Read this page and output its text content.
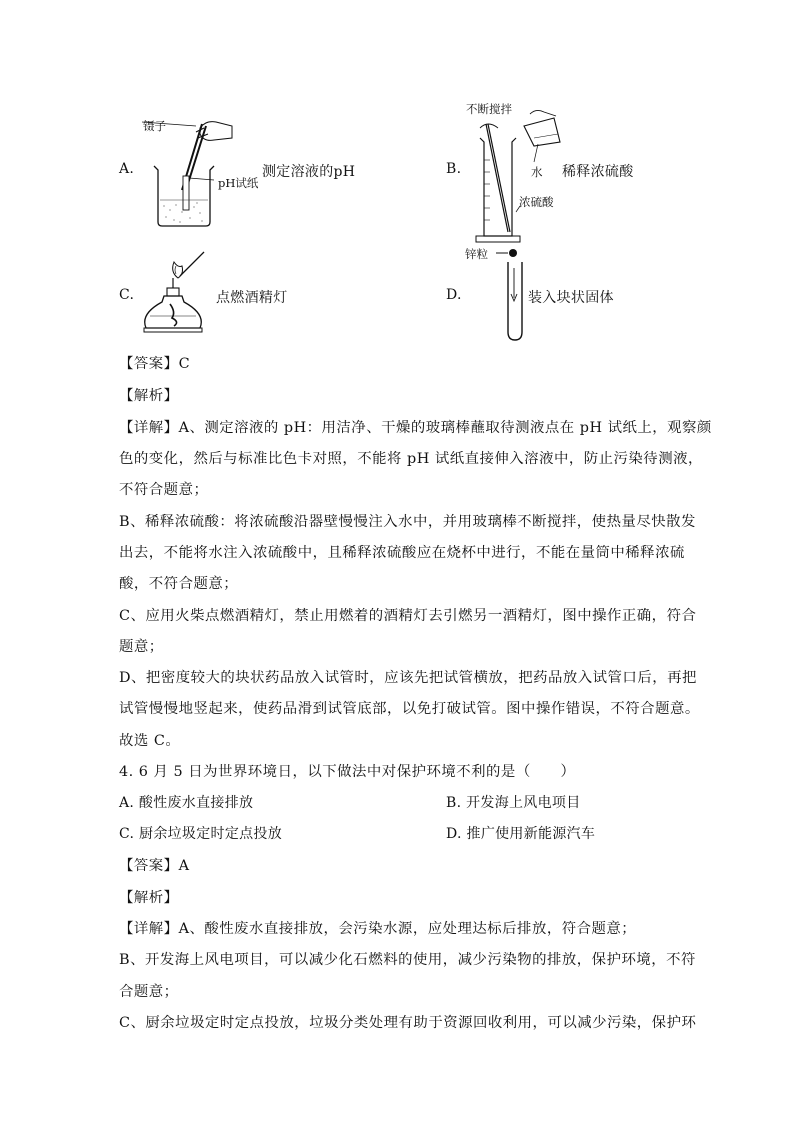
A.
镊子
pH试纸
测定溶液的pH	B.
不断搅拌
水 稀释浓硫酸
浓硫酸
C.	点燃酒精灯	D.
锌粒
装入块状固体
【答案】C
【解析】
【详解】A、测定溶液的 pH：用洁净、干燥的玻璃棒蘸取待测液点在 pH 试纸上，观察颜
色的变化，然后与标准比色卡对照，不能将 pH 试纸直接伸入溶液中，防止污染待测液，
不符合题意；
B、稀释浓硫酸：将浓硫酸沿器壁慢慢注入水中，并用玻璃棒不断搅拌，使热量尽快散发
出去，不能将水注入浓硫酸中，且稀释浓硫酸应在烧杯中进行，不能在量筒中稀释浓硫
酸，不符合题意；
C、应用火柴点燃酒精灯，禁止用燃着的酒精灯去引燃另一酒精灯，图中操作正确，符合
题意；
D、把密度较大的块状药品放入试管时，应该先把试管横放，把药品放入试管口后，再把
试管慢慢地竖起来，使药品滑到试管底部，以免打破试管。图中操作错误，不符合题意。
故选 C。
4. 6 月 5 日为世界环境日，以下做法中对保护环境不利的是（　　）
A. 酸性废水直接排放	B. 开发海上风电项目
C. 厨余垃圾定时定点投放	D. 推广使用新能源汽车
【答案】A
【解析】
【详解】A、酸性废水直接排放，会污染水源，应处理达标后排放，符合题意；
B、开发海上风电项目，可以减少化石燃料的使用，减少污染物的排放，保护环境，不符
合题意；
C、厨余垃圾定时定点投放，垃圾分类处理有助于资源回收利用，可以减少污染，保护环
